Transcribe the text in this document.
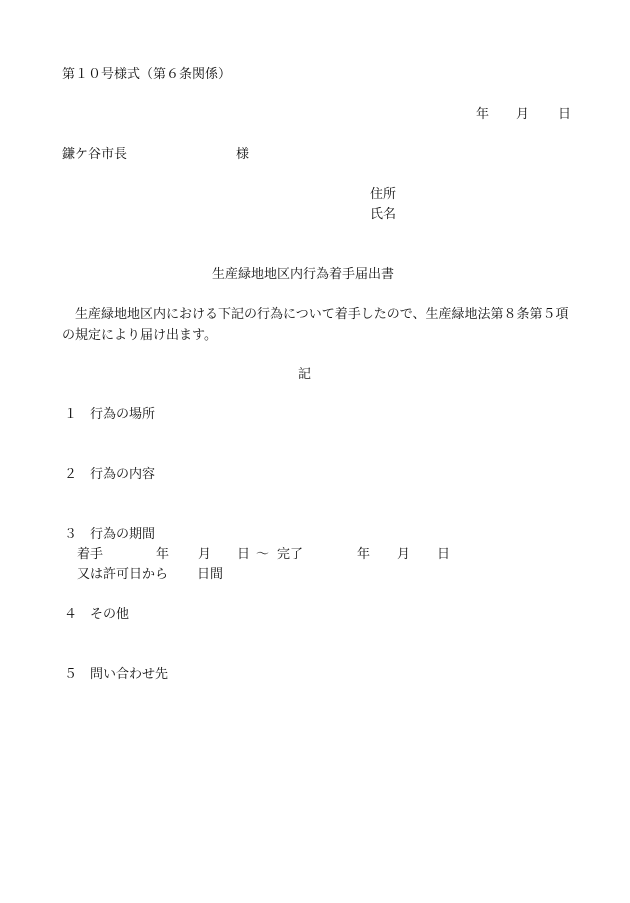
第１０号様式（第６条関係）
年 月 日
鎌ケ谷市長	様
住所
氏名
生産緑地地区内行為着手届出書
生産緑地地区内における下記の行為について着手したので、生産緑地法第８条第５項の規定により届け出ます。
記
１　行為の場所
２　行為の内容
３　行為の期間
着手	年 月 日 ～ 完了	年 月 日
又は許可日から 日間
４　その他
５　問い合わせ先
